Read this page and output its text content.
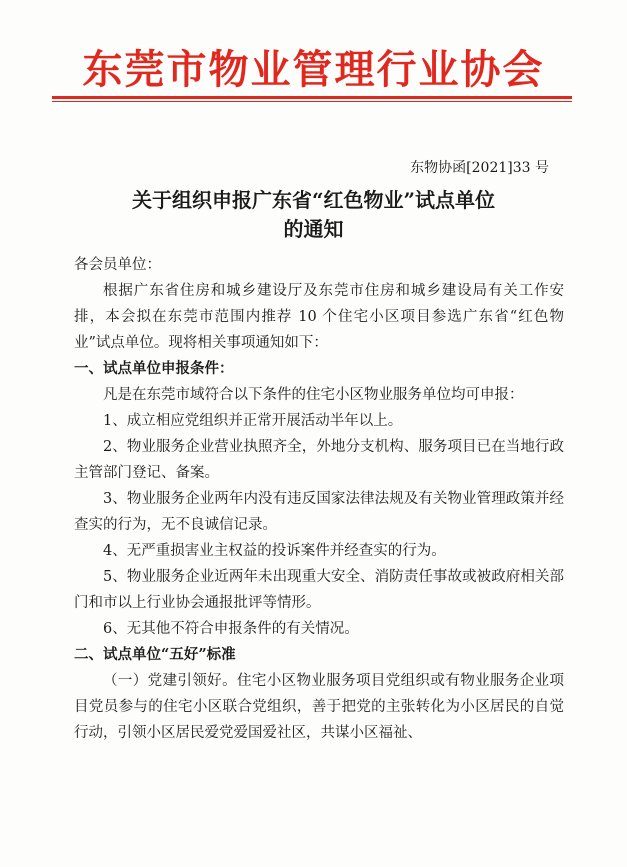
东莞市物业管理行业协会
东物协函[2021]33 号
关于组织申报广东省“红色物业”试点单位
的通知

各会员单位：

根据广东省住房和城乡建设厅及东莞市住房和城乡建设局有关工作安排，本会拟在东莞市范围内推荐 10 个住宅小区项目参选广东省“红色物业”试点单位。现将相关事项通知如下：

一、试点单位申报条件：

凡是在东莞市域符合以下条件的住宅小区物业服务单位均可申报：

1、成立相应党组织并正常开展活动半年以上。

2、物业服务企业营业执照齐全，外地分支机构、服务项目已在当地行政主管部门登记、备案。

3、物业服务企业两年内没有违反国家法律法规及有关物业管理政策并经查实的行为，无不良诚信记录。

4、无严重损害业主权益的投诉案件并经查实的行为。

5、物业服务企业近两年未出现重大安全、消防责任事故或被政府相关部门和市以上行业协会通报批评等情形。

6、无其他不符合申报条件的有关情况。

二、试点单位“五好”标准

（一）党建引领好。住宅小区物业服务项目党组织或有物业服务企业项目党员参与的住宅小区联合党组织，善于把党的主张转化为小区居民的自觉行动，引领小区居民爱党爱国爱社区，共谋小区福祉、
